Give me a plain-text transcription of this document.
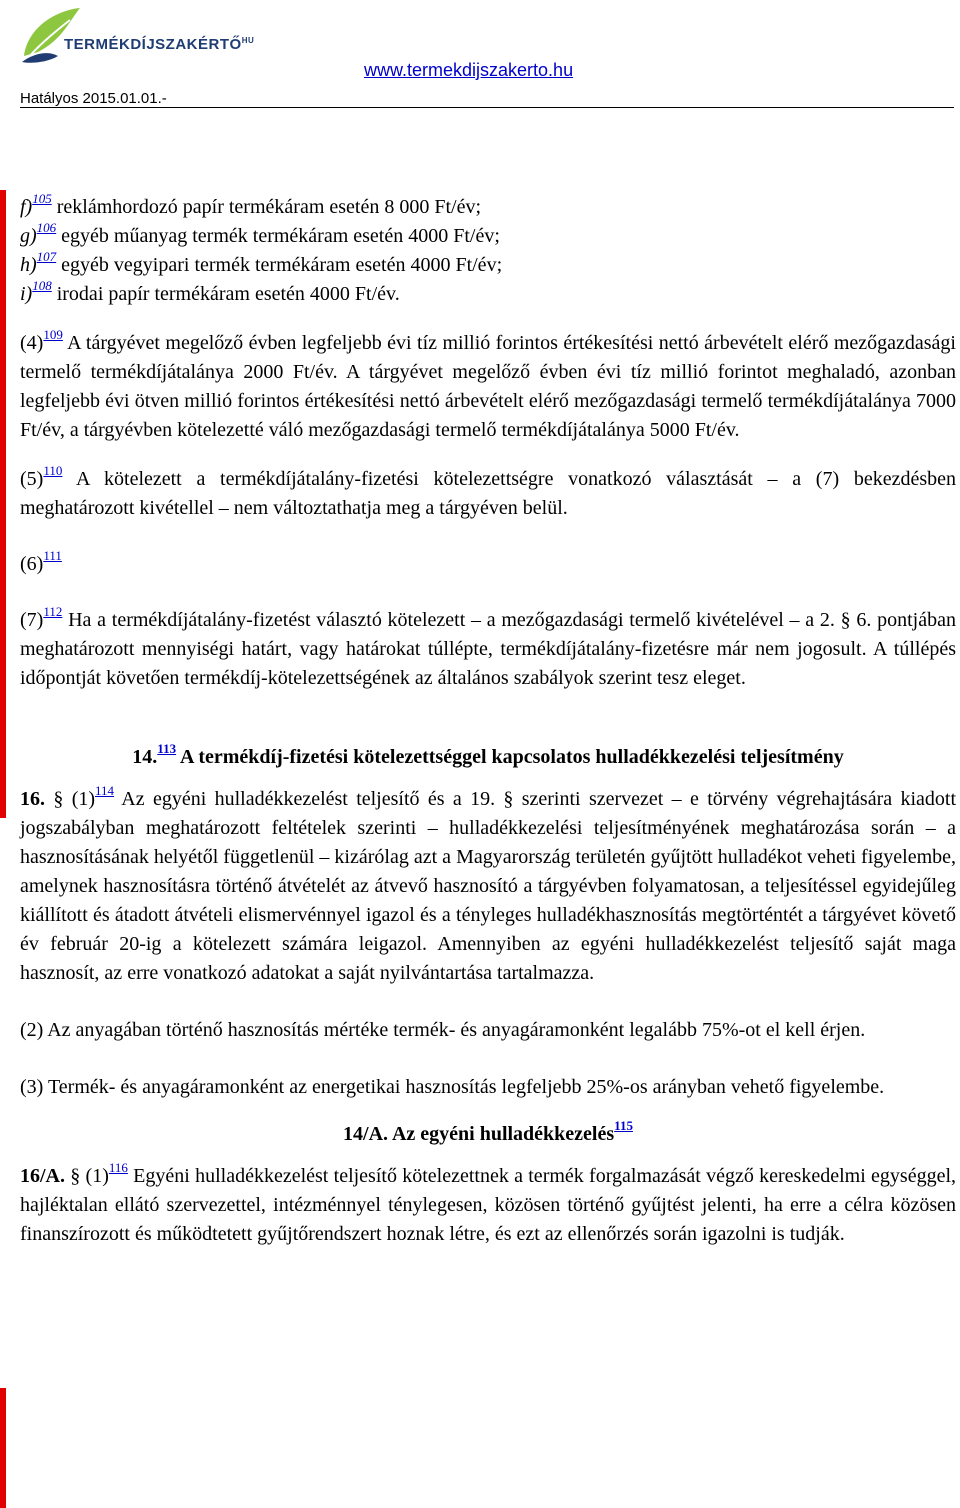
$TERMÉKDÍJSZAKÉRTŐ^{HU}$
www.termekdijszakerto.hu
Hatályos 2015.01.01.-

f)$^{105}$ reklámhordozó papír termékáram esetén 8 000 Ft/év;

g)$^{106}$ egyéb műanyag termék termékáram esetén 4000 Ft/év;

h)$^{107}$ egyéb vegyipari termék termékáram esetén 4000 Ft/év;

i)$^{108}$ irodai papír termékáram esetén 4000 Ft/év.

$(4)^{109}$ A tárgyévet megelőző évben legfeljebb évi tíz millió forintos értékesítési nettó árbevételt elérő mezőgazdasági termelő termékdíjátalánya 2000 Ft/év. A tárgyévet megelőző évben évi tíz millió forintot meghaladó, azonban legfeljebb évi ötven millió forintos értékesítési nettó árbevételt elérő mezőgazdasági termelő termékdíjátalánya 7000 Ft/év, a tárgyévben kötelezetté váló mezőgazdasági termelő termékdíjátalánya 5000 Ft/év.

$(5)^{110}$ A kötelezett a termékdíjátalány-fizetési kötelezettségre vonatkozó választását – a (7) bekezdésben meghatározott kivétellel – nem változtathatja meg a tárgyéven belül.

$(6)^{111}$

$(7)^{112}$ Ha a termékdíjátalány-fizetést választó kötelezett – a mezőgazdasági termelő kivételével – a 2. § 6. pontjában meghatározott mennyiségi határt, vagy határokat túllépte, termékdíjátalány-fizetésre már nem jogosult. A túllépés időpontját követően termékdíj-kötelezettségének az általános szabályok szerint tesz eleget.

14.$^{113}$ A termékdíj-fizetési kötelezettséggel kapcsolatos hulladékkezelési teljesítmény

16. § $(1)^{114}$ Az egyéni hulladékkezelést teljesítő és a 19. § szerinti szervezet – e törvény végrehajtására kiadott jogszabályban meghatározott feltételek szerinti – hulladékkezelési teljesítményének meghatározása során – a hasznosításának helyétől függetlenül – kizárólag azt a Magyarország területén gyűjtött hulladékot veheti figyelembe, amelynek hasznosításra történő átvételét az átvevő hasznosító a tárgyévben folyamatosan, a teljesítéssel egyidejűleg kiállított és átadott átvételi elismervénnyel igazol és a tényleges hulladékhasznosítás megtörténtét a tárgyévet követő év február 20-ig a kötelezett számára leigazol. Amennyiben az egyéni hulladékkezelést teljesítő saját maga hasznosít, az erre vonatkozó adatokat a saját nyilvántartása tartalmazza.

(2) Az anyagában történő hasznosítás mértéke termék- és anyagáramonként legalább 75%-ot el kell érjen.

(3) Termék- és anyagáramonként az energetikai hasznosítás legfeljebb 25%-os arányban vehető figyelembe.

14/A. Az egyéni hulladékkezelés$^{115}$

16/A. § $(1)^{116}$ Egyéni hulladékkezelést teljesítő kötelezettnek a termék forgalmazását végző kereskedelmi egységgel, hajléktalan ellátó szervezettel, intézménnyel ténylegesen, közösen történő gyűjtést jelenti, ha erre a célra közösen finanszírozott és működtetett gyűjtőrendszert hoznak létre, és ezt az ellenőrzés során igazolni is tudják.
